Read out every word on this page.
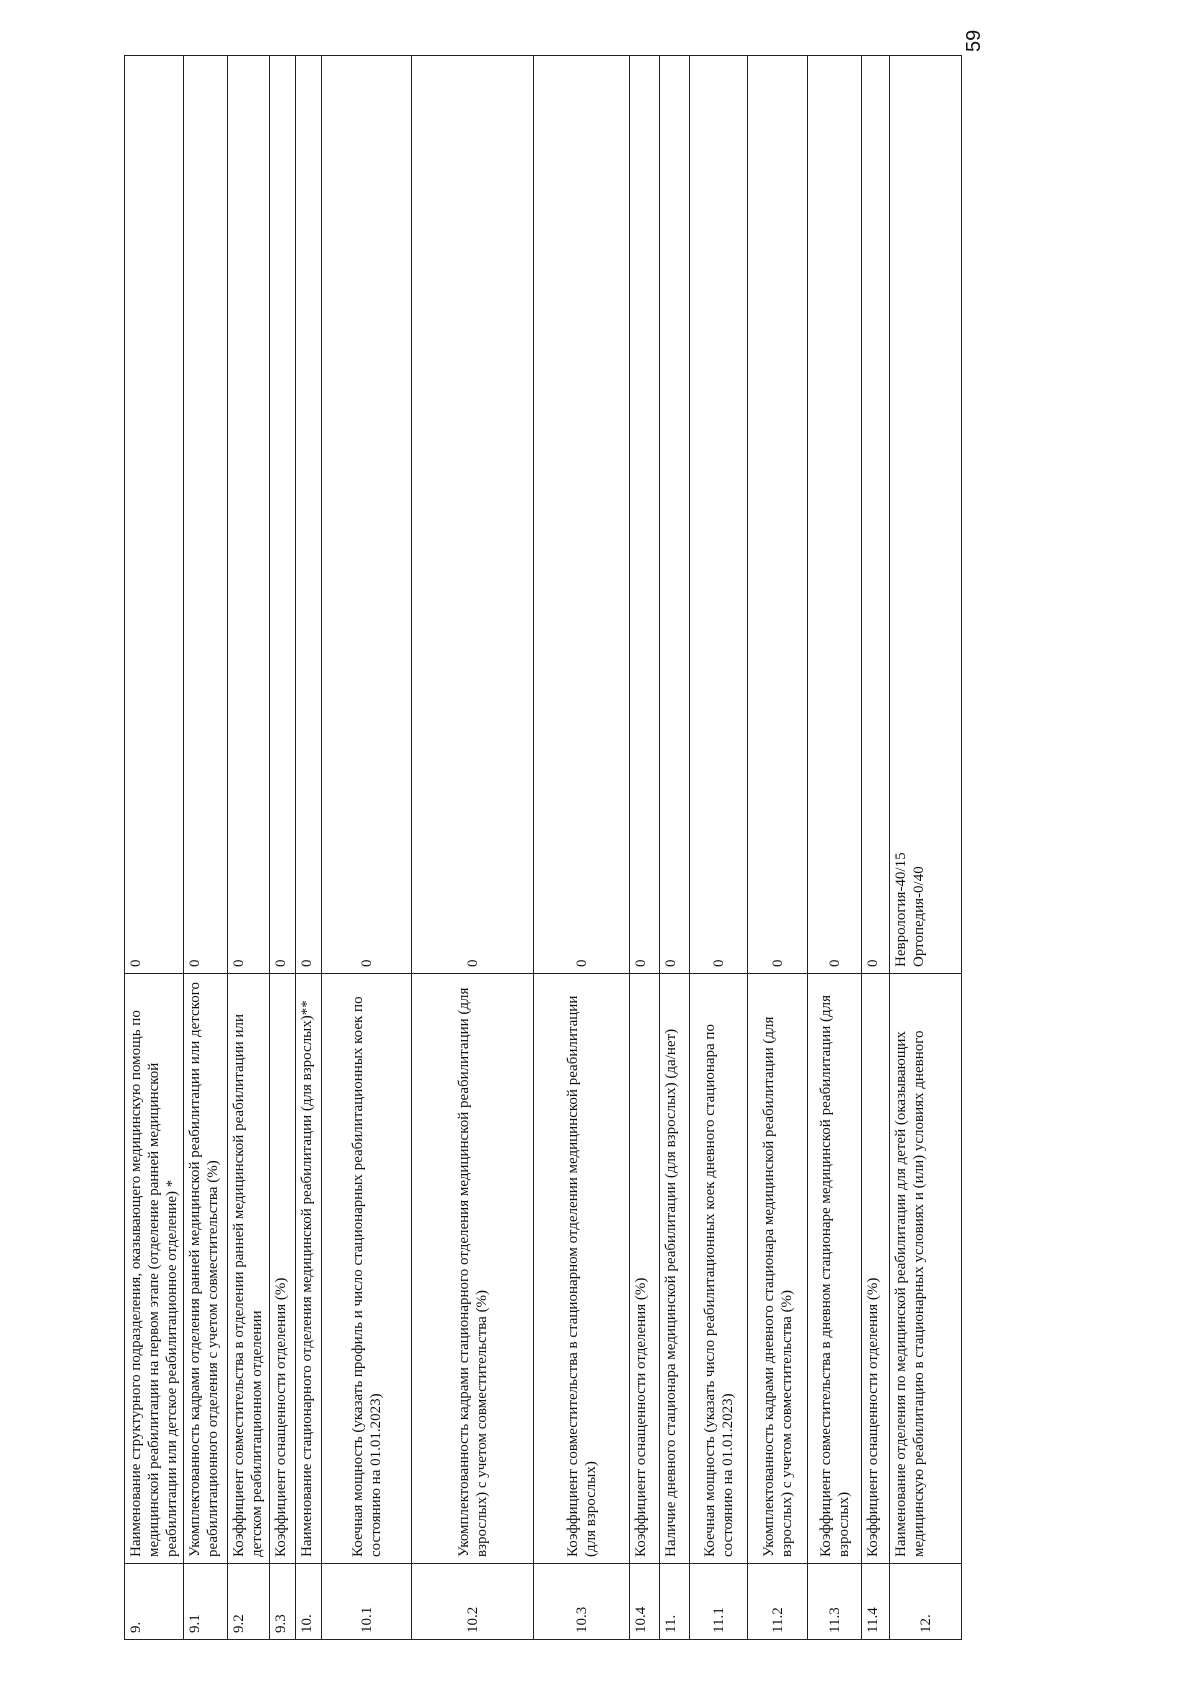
59
9.	Наименование структурного подразделения, оказывающего медицинскую помощь по медицинской реабилитации на первом этапе (отделение ранней медицинской реабилитации или детское реабилитационное отделение) *	0
9.1	Укомплектованность кадрами отделения ранней медицинской реабилитации или детского реабилитационного отделения с учетом совместительства (%)	0
9.2	Коэффициент совместительства в отделении ранней медицинской реабилитации или детском реабилитационном отделении	0
9.3	Коэффициент оснащенности отделения (%)	0
10.	Наименование стационарного отделения медицинской реабилитации (для взрослых)**	0
10.1	Коечная мощность (указать профиль и число стационарных реабилитационных коек по состоянию на 01.01.2023)	0
10.2	Укомплектованность кадрами стационарного отделения медицинской реабилитации (для взрослых) с учетом совместительства (%)	0
10.3	Коэффициент совместительства в стационарном отделении медицинской реабилитации (для взрослых)	0
10.4	Коэффициент оснащенности отделения (%)	0
11.	Наличие дневного стационара медицинской реабилитации (для взрослых) (да/нет)	0
11.1	Коечная мощность (указать число реабилитационных коек дневного стационара по состоянию на 01.01.2023)	0
11.2	Укомплектованность кадрами дневного стационара медицинской реабилитации (для взрослых) с учетом совместительства (%)	0
11.3	Коэффициент совместительства в дневном стационаре медицинской реабилитации (для взрослых)	0
11.4	Коэффициент оснащенности отделения (%)	0
12.	Наименование отделения по медицинской реабилитации для детей (оказывающих медицинскую реабилитацию в стационарных условиях и (или) условиях дневного	Неврология-40/15 Ортопедия-0/40
